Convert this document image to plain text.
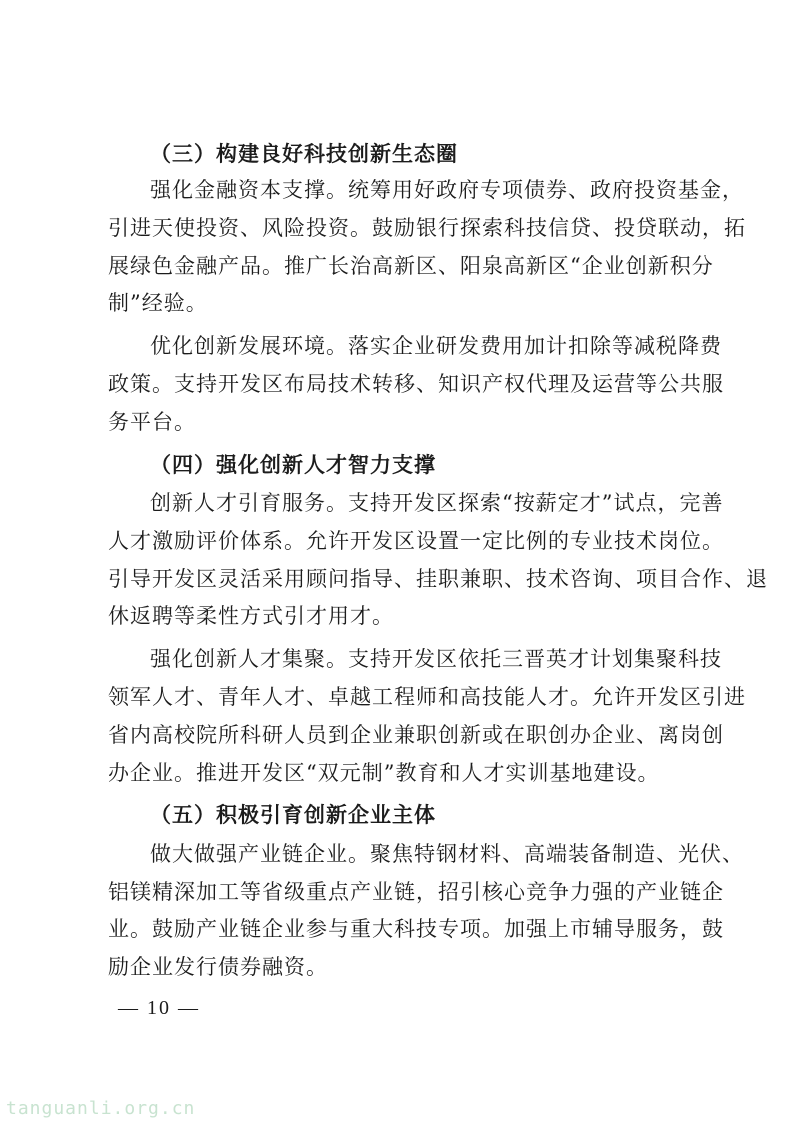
（三）构建良好科技创新生态圈
强化金融资本支撑。统筹用好政府专项债券、政府投资基金，
引进天使投资、风险投资。鼓励银行探索科技信贷、投贷联动，拓
展绿色金融产品。推广长治高新区、阳泉高新区“企业创新积分
制”经验。
优化创新发展环境。落实企业研发费用加计扣除等减税降费
政策。支持开发区布局技术转移、知识产权代理及运营等公共服
务平台。
（四）强化创新人才智力支撑
创新人才引育服务。支持开发区探索“按薪定才”试点，完善
人才激励评价体系。允许开发区设置一定比例的专业技术岗位。
引导开发区灵活采用顾问指导、挂职兼职、技术咨询、项目合作、退
休返聘等柔性方式引才用才。
强化创新人才集聚。支持开发区依托三晋英才计划集聚科技
领军人才、青年人才、卓越工程师和高技能人才。允许开发区引进
省内高校院所科研人员到企业兼职创新或在职创办企业、离岗创
办企业。推进开发区“双元制”教育和人才实训基地建设。
（五）积极引育创新企业主体
做大做强产业链企业。聚焦特钢材料、高端装备制造、光伏、
铝镁精深加工等省级重点产业链，招引核心竞争力强的产业链企
业。鼓励产业链企业参与重大科技专项。加强上市辅导服务，鼓
励企业发行债券融资。
— 10 —
tanguanli.org.cn
